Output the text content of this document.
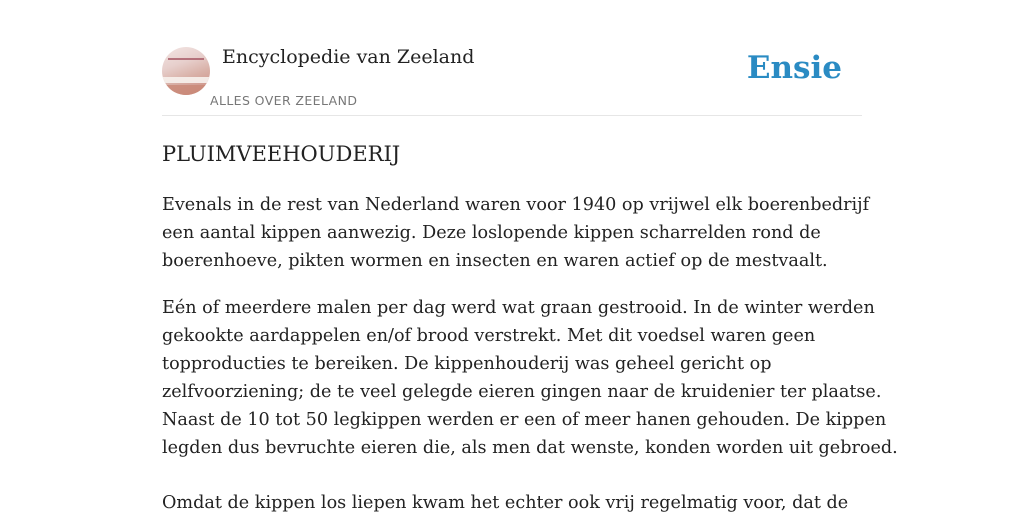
Encyclopedie van Zeeland
ALLES OVER ZEELAND
Ensie
PLUIMVEEHOUDERIJ

Evenals in de rest van Nederland waren voor 1940 op vrijwel elk boerenbedrijf
een aantal kippen aanwezig. Deze loslopende kippen scharrelden rond de
boerenhoeve, pikten wormen en insecten en waren actief op de mestvaalt.

Eén of meerdere malen per dag werd wat graan gestrooid. In de winter werden
gekookte aardappelen en/of brood verstrekt. Met dit voedsel waren geen
topproducties te bereiken. De kippenhouderij was geheel gericht op
zelfvoorziening; de te veel gelegde eieren gingen naar de kruidenier ter plaatse.
Naast de 10 tot 50 legkippen werden er een of meer hanen gehouden. De kippen
legden dus bevruchte eieren die, als men dat wenste, konden worden uit gebroed.

Omdat de kippen los liepen kwam het echter ook vrij regelmatig voor, dat de
